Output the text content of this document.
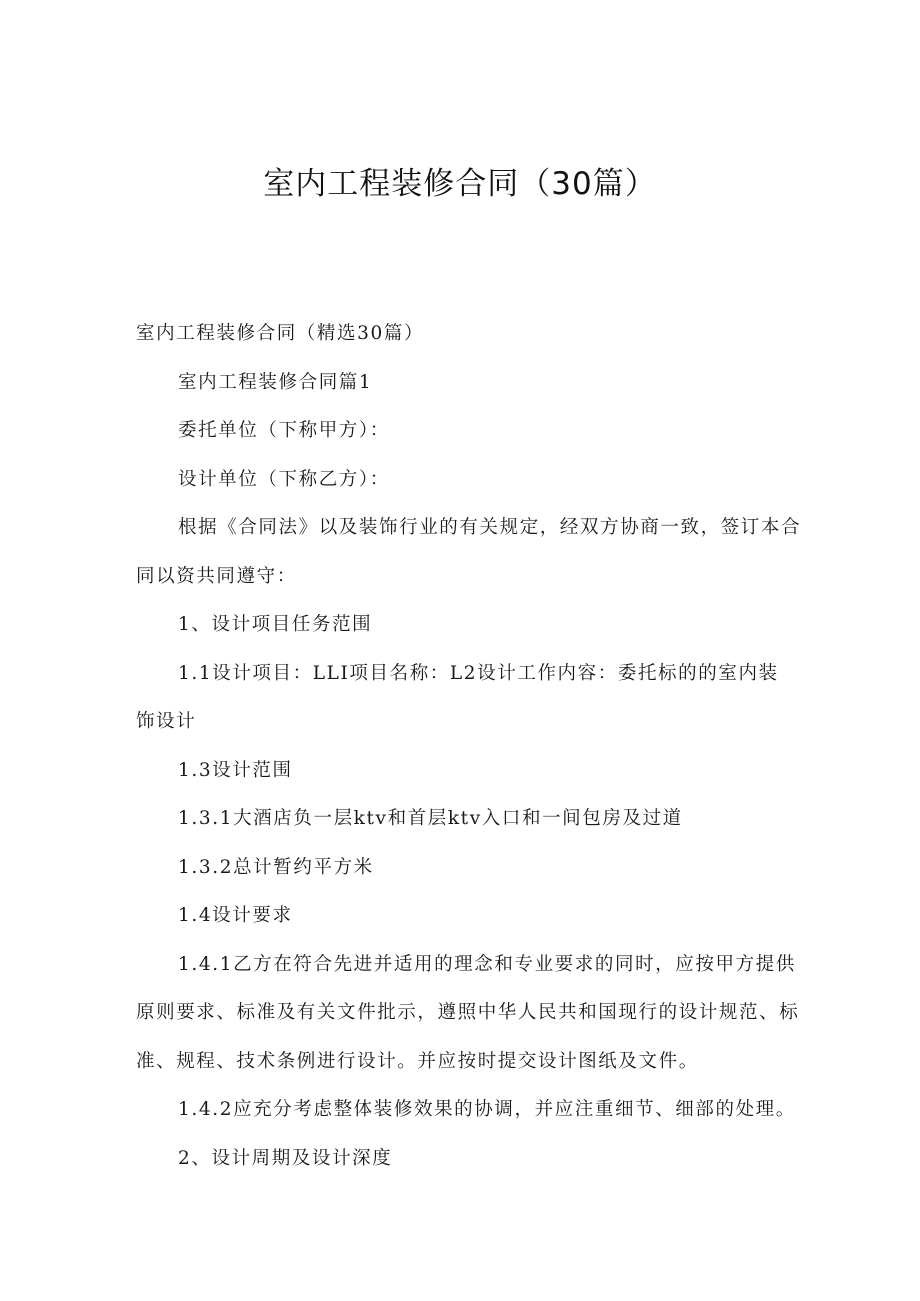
室内工程装修合同（30篇）

室内工程装修合同（精选30篇）

室内工程装修合同篇1

委托单位（下称甲方）：

设计单位（下称乙方）：

根据《合同法》以及装饰行业的有关规定，经双方协商一致，签订本合
同以资共同遵守：

1、设计项目任务范围

1.1设计项目：LLI项目名称：L2设计工作内容：委托标的的室内装
饰设计

1.3设计范围

1.3.1大酒店负一层ktv和首层ktv入口和一间包房及过道

1.3.2总计暂约平方米

1.4设计要求

1.4.1乙方在符合先进并适用的理念和专业要求的同时，应按甲方提供
原则要求、标准及有关文件批示，遵照中华人民共和国现行的设计规范、标
准、规程、技术条例进行设计。并应按时提交设计图纸及文件。

1.4.2应充分考虑整体装修效果的协调，并应注重细节、细部的处理。

2、设计周期及设计深度
